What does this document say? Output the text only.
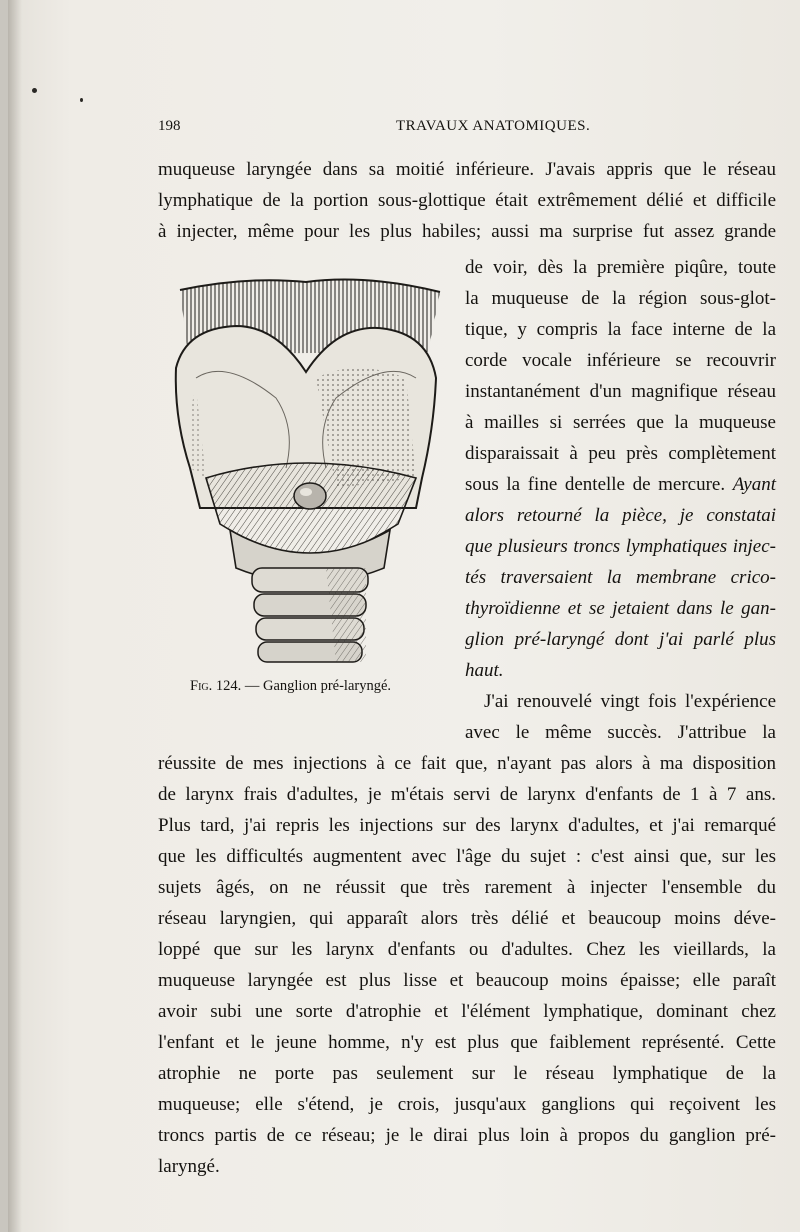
198	TRAVAUX ANATOMIQUES.
muqueuse laryngée dans sa moitié inférieure. J'avais appris que le réseau
lymphatique de la portion sous-glottique était extrêmement délié et difficile
à injecter, même pour les plus habiles; aussi ma surprise fut assez grande
de voir, dès la première piqûre, toute
la muqueuse de la région sous-glot-
tique, y compris la face interne de la
corde vocale inférieure se recouvrir
instantanément d'un magnifique réseau
à mailles si serrées que la muqueuse
disparaissait à peu près complètement
sous la fine dentelle de mercure. Ayant
alors retourné la pièce, je constatai
que plusieurs troncs lymphatiques injec-
tés traversaient la membrane crico-
thyroïdienne et se jetaient dans le gan-
glion pré-laryngé dont j'ai parlé plus
haut.
J'ai renouvelé vingt fois l'expérience
avec le même succès. J'attribue la
réussite de mes injections à ce fait que, n'ayant pas alors à ma disposition
de larynx frais d'adultes, je m'étais servi de larynx d'enfants de 1 à 7 ans.
Plus tard, j'ai repris les injections sur des larynx d'adultes, et j'ai remarqué
que les difficultés augmentent avec l'âge du sujet : c'est ainsi que, sur les
sujets âgés, on ne réussit que très rarement à injecter l'ensemble du
réseau laryngien, qui apparaît alors très délié et beaucoup moins déve-
loppé que sur les larynx d'enfants ou d'adultes. Chez les vieillards, la
muqueuse laryngée est plus lisse et beaucoup moins épaisse; elle paraît
avoir subi une sorte d'atrophie et l'élément lymphatique, dominant chez
l'enfant et le jeune homme, n'y est plus que faiblement représenté. Cette
atrophie ne porte pas seulement sur le réseau lymphatique de la
muqueuse; elle s'étend, je crois, jusqu'aux ganglions qui reçoivent les
troncs partis de ce réseau; je le dirai plus loin à propos du ganglion pré-
laryngé.
Fig. 124. — Ganglion pré-laryngé.
